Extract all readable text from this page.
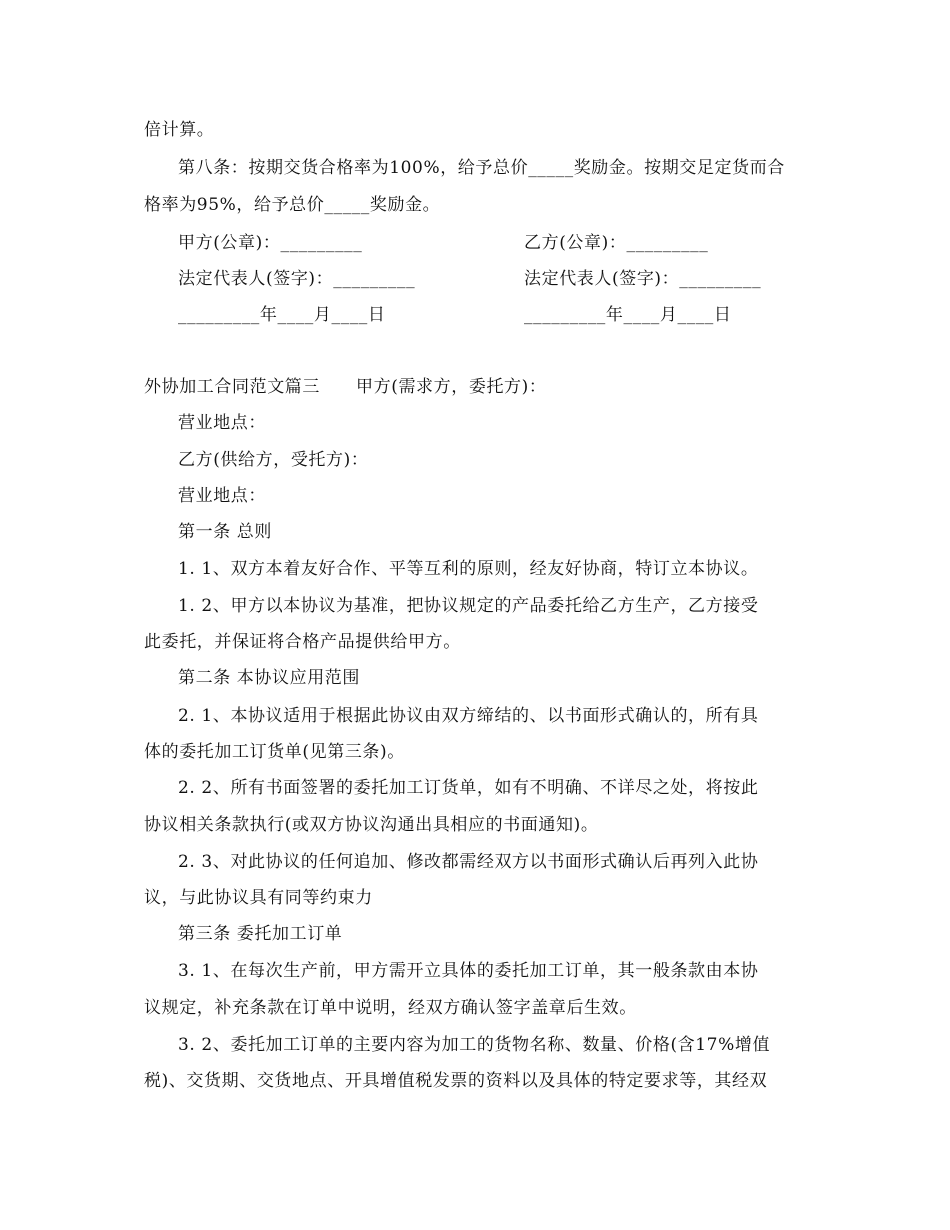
倍计算。
第八条：按期交货合格率为100%，给予总价_____奖励金。按期交足定货而合
格率为95%，给予总价_____奖励金。
甲方(公章)：_________	乙方(公章)：_________
法定代表人(签字)：_________	法定代表人(签字)：_________
_________年____月____日	_________年____月____日
外协加工合同范文篇三      甲方(需求方，委托方)：
营业地点：
乙方(供给方，受托方)：
营业地点：
第一条 总则
1. 1、双方本着友好合作、平等互利的原则，经友好协商，特订立本协议。
1. 2、甲方以本协议为基准，把协议规定的产品委托给乙方生产，乙方接受
此委托，并保证将合格产品提供给甲方。
第二条 本协议应用范围
2. 1、本协议适用于根据此协议由双方缔结的、以书面形式确认的，所有具
体的委托加工订货单(见第三条)。
2. 2、所有书面签署的委托加工订货单，如有不明确、不详尽之处，将按此
协议相关条款执行(或双方协议沟通出具相应的书面通知)。
2. 3、对此协议的任何追加、修改都需经双方以书面形式确认后再列入此协
议，与此协议具有同等约束力
第三条 委托加工订单
3. 1、在每次生产前，甲方需开立具体的委托加工订单，其一般条款由本协
议规定，补充条款在订单中说明，经双方确认签字盖章后生效。
3. 2、委托加工订单的主要内容为加工的货物名称、数量、价格(含17%增值
税)、交货期、交货地点、开具增值税发票的资料以及具体的特定要求等，其经双
